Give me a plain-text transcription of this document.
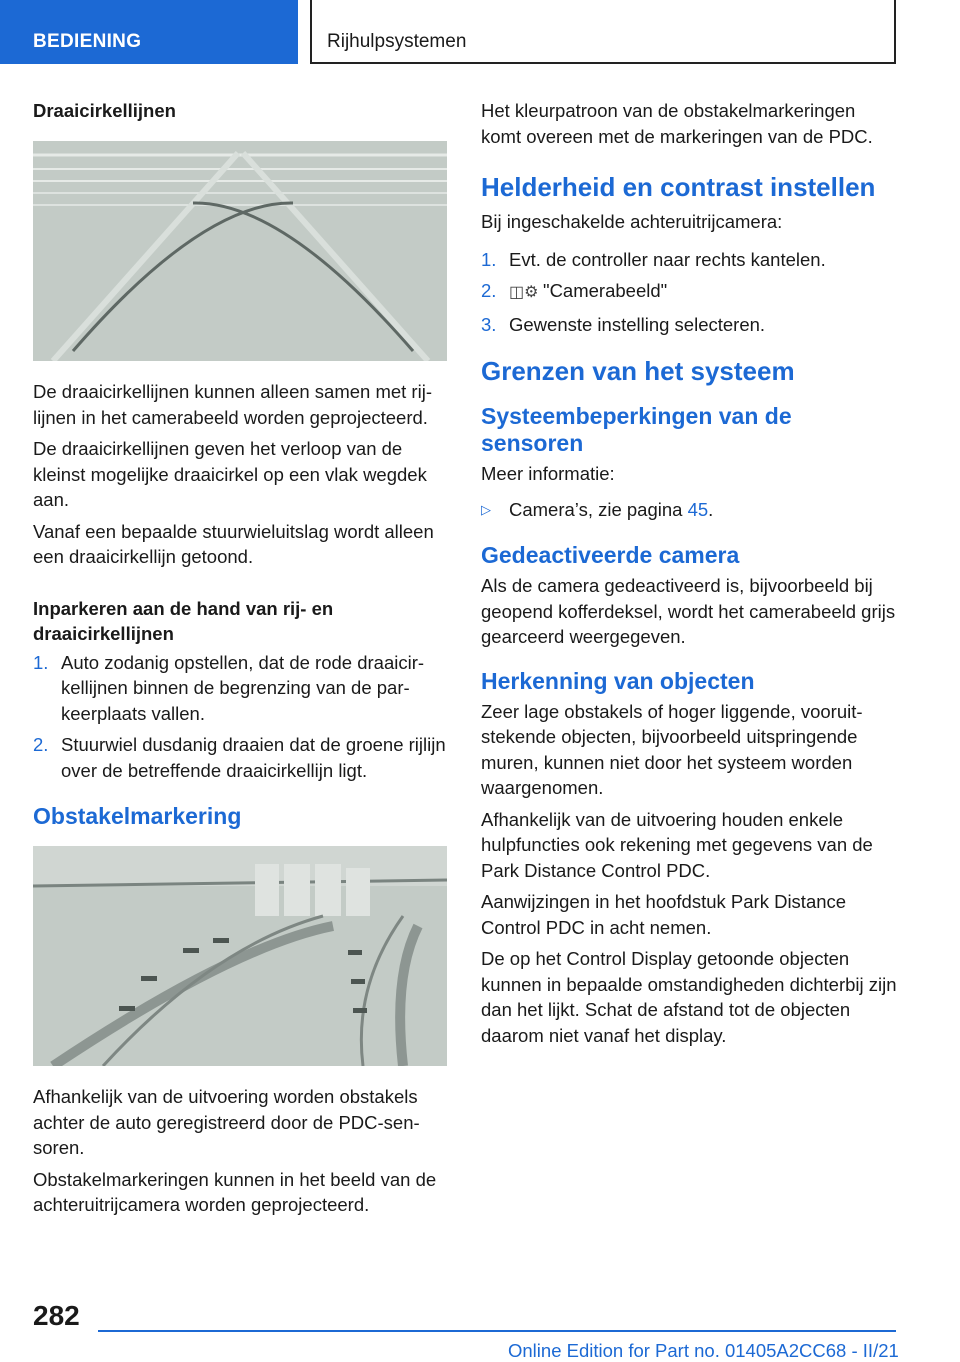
BEDIENING	Rijhulpsystemen
Draaicirkellijnen

De draaicirkellijnen kunnen alleen samen met rijlijnen in het camerabeeld worden geprojecteerd.

De draaicirkellijnen geven het verloop van de kleinst mogelijke draaicirkel op een vlak wegdek aan.

Vanaf een bepaalde stuurwieluitslag wordt alleen een draaicirkellijn getoond.

Inparkeren aan de hand van rij- en draaicirkellijnen
1. Auto zodanig opstellen, dat de rode draaicirkellijnen binnen de begrenzing van de parkeerplaats vallen.
2. Stuurwiel dusdanig draaien dat de groene rijlijn over de betreffende draaicirkellijn ligt.
Obstakelmarkering

Afhankelijk van de uitvoering worden obstakels achter de auto geregistreerd door de PDC-sensoren.

Obstakelmarkeringen kunnen in het beeld van de achteruitrijcamera worden geprojecteerd.

Het kleurpatroon van de obstakelmarkeringen komt overeen met de markeringen van de PDC.

Helderheid en contrast instellen

Bij ingeschakelde achteruitrijcamera:

1. Evt. de controller naar rechts kantelen.
2. ◫⚙ "Camerabeeld"
3. Gewenste instelling selecteren.
Grenzen van het systeem
Systeembeperkingen van de sensoren

Meer informatie:

▷ Camera’s, zie pagina 45.
Gedeactiveerde camera

Als de camera gedeactiveerd is, bijvoorbeeld bij geopend kofferdeksel, wordt het camerabeeld grijs gearceerd weergegeven.

Herkenning van objecten

Zeer lage obstakels of hoger liggende, vooruitstekende objecten, bijvoorbeeld uitspringende muren, kunnen niet door het systeem worden waargenomen.

Afhankelijk van de uitvoering houden enkele hulpfuncties ook rekening met gegevens van de Park Distance Control PDC.

Aanwijzingen in het hoofdstuk Park Distance Control PDC in acht nemen.

De op het Control Display getoonde objecten kunnen in bepaalde omstandigheden dichterbij zijn dan het lijkt. Schat de afstand tot de objecten daarom niet vanaf het display.

282
Online Edition for Part no. 01405A2CC68 - II/21
